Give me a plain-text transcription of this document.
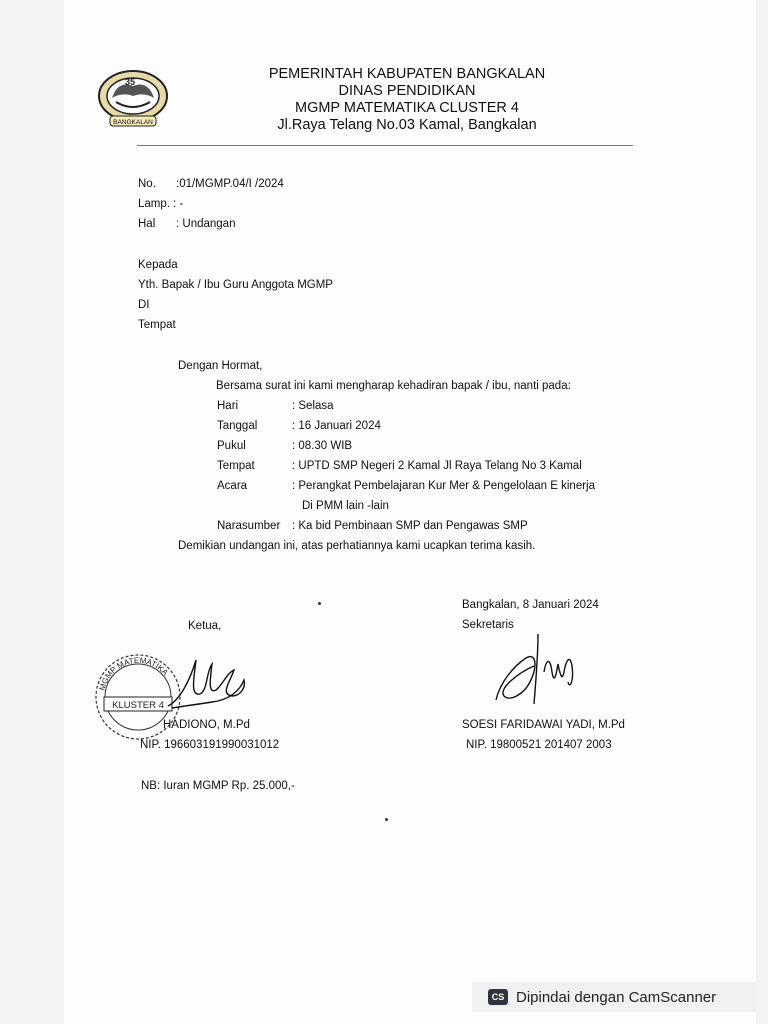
35
BANGKALAN
PEMERINTAH KABUPATEN BANGKALAN
DINAS PENDIDIKAN
MGMP MATEMATIKA CLUSTER 4
Jl.Raya Telang No.03 Kamal, Bangkalan
No. :01/MGMP.04/I /2024
Lamp. : -
Hal : Undangan
Kepada
Yth. Bapak / Ibu Guru Anggota MGMP
DI
Tempat
Dengan Hormat,
Bersama surat ini kami mengharap kehadiran bapak / ibu, nanti pada:
Hari	: Selasa
Tanggal	: 16 Januari 2024
Pukul	: 08.30 WIB
Tempat	: UPTD SMP Negeri 2 Kamal Jl Raya Telang No 3 Kamal
Acara	: Perangkat Pembelajaran Kur Mer & Pengelolaan E kinerja
Di PMM lain -lain
Narasumber : Ka bid Pembinaan SMP dan Pengawas SMP
Demikian undangan ini, atas perhatiannya kami ucapkan terima kasih.
Bangkalan, 8 Januari 2024
Ketua,	Sekretaris
MGMP MATEMATIKA
KLUSTER 4
HADIONO, M.Pd	SOESI FARIDAWAI YADI, M.Pd
NIP. 196603191990031012	NIP. 19800521 201407 2003
NB: Iuran MGMP Rp. 25.000,-
CS Dipindai dengan CamScanner
